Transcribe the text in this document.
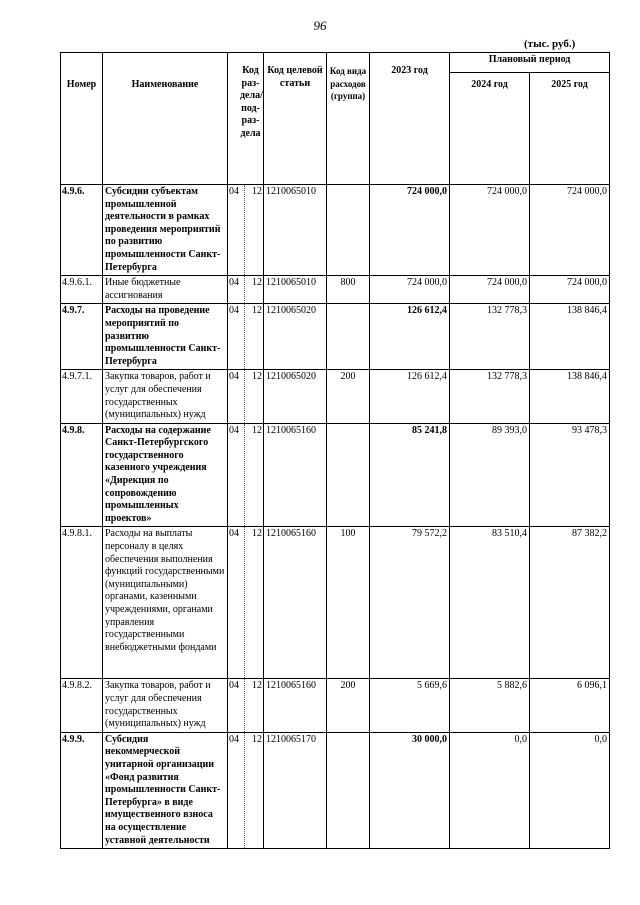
96
(тыс. руб.)
Номер	Наименование	Код раз-дела/ под-раз-дела		Код целевой статьи	Код вида расходов (группа)	2023 год	Плановый период	
							2024 год	2025 год
4.9.6.	Субсидии субъектам промышленной деятельности в рамках проведения мероприятий по развитию промышленности Санкт-Петербурга	04	12	1210065010		724 000,0	724 000,0	724 000,0
4.9.6.1.	Иные бюджетные ассигнования	04	12	1210065010	800	724 000,0	724 000,0	724 000,0
4.9.7.	Расходы на проведение мероприятий по развитию промышленности Санкт-Петербурга	04	12	1210065020		126 612,4	132 778,3	138 846,4
4.9.7.1.	Закупка товаров, работ и услуг для обеспечения государственных (муниципальных) нужд	04	12	1210065020	200	126 612,4	132 778,3	138 846,4
4.9.8.	Расходы на содержание Санкт-Петербургского государственного казенного учреждения «Дирекция по сопровождению промышленных проектов»	04	12	1210065160		85 241,8	89 393,0	93 478,3
4.9.8.1.	Расходы на выплаты персоналу в целях обеспечения выполнения функций государственными (муниципальными) органами, казенными учреждениями, органами управления государственными внебюджетными фондами	04	12	1210065160	100	79 572,2	83 510,4	87 382,2
4.9.8.2.	Закупка товаров, работ и услуг для обеспечения государственных (муниципальных) нужд	04	12	1210065160	200	5 669,6	5 882,6	6 096,1
4.9.9.	Субсидия некоммерческой унитарной организации «Фонд развития промышленности Санкт-Петербурга» в виде имущественного взноса на осуществление уставной деятельности	04	12	1210065170		30 000,0	0,0	0,0
